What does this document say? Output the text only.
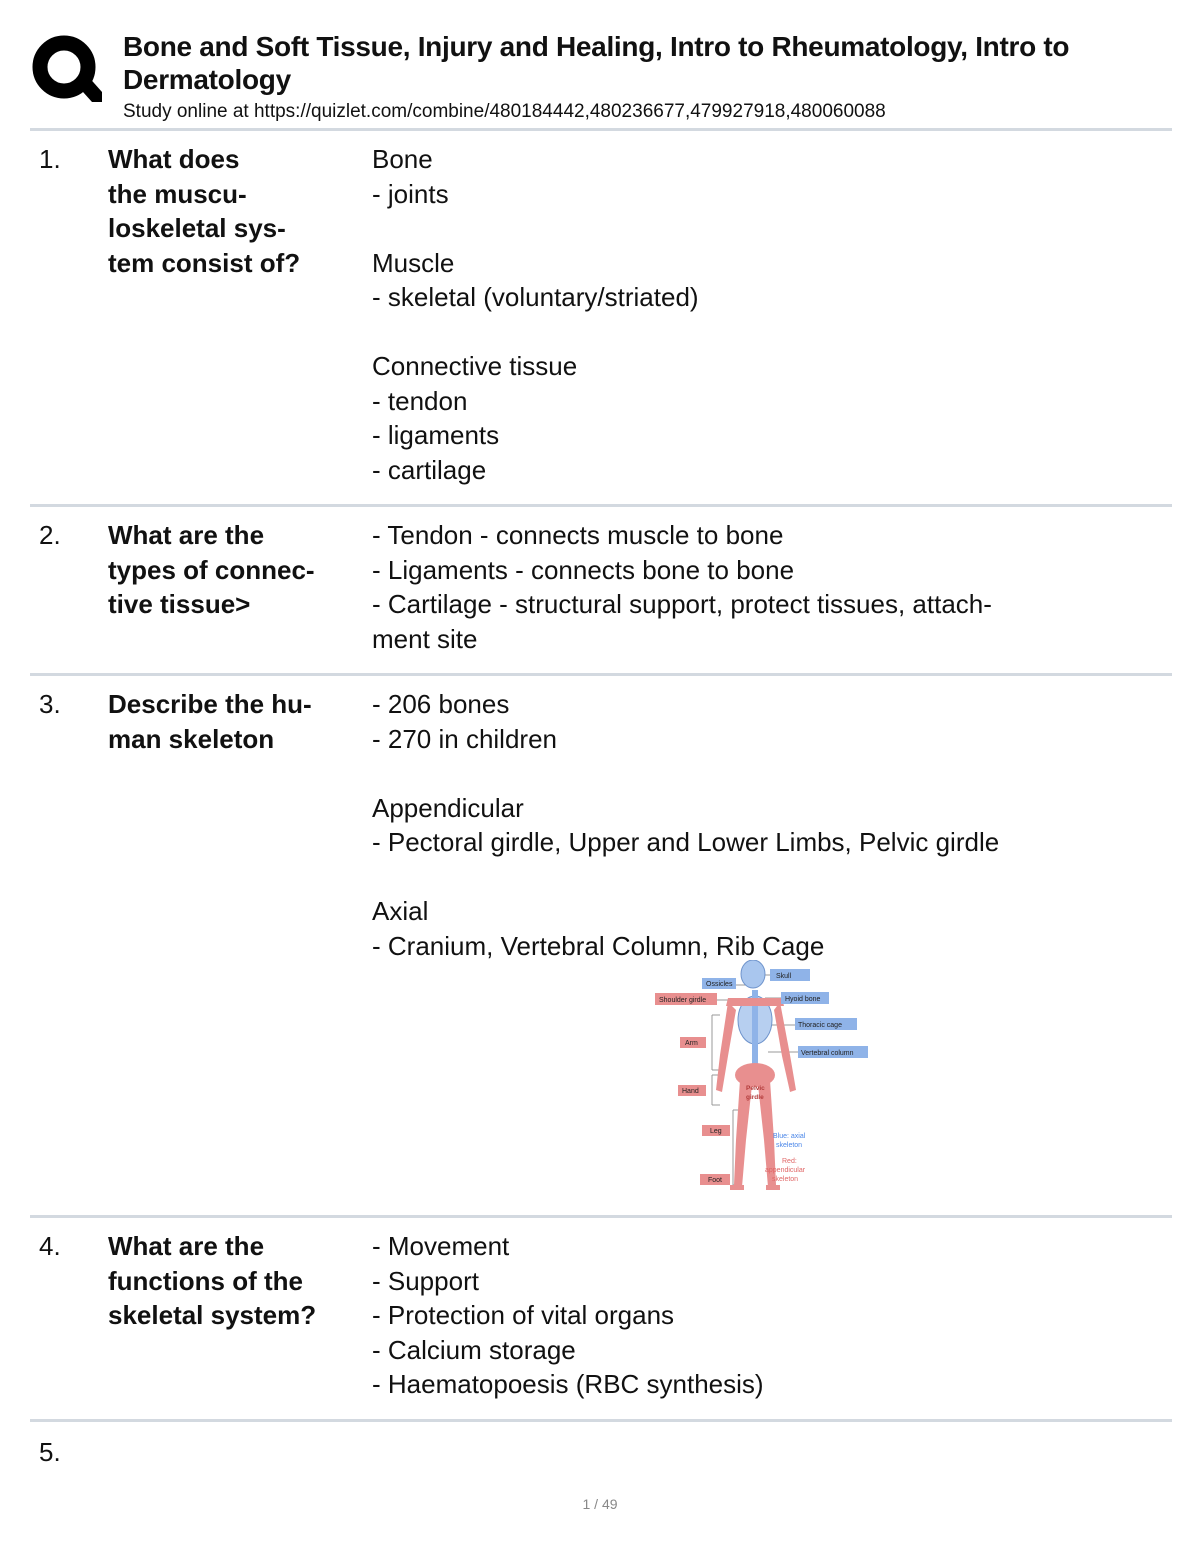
Bone and Soft Tissue, Injury and Healing, Intro to Rheumatology, Intro to Dermatology

Study online at https://quizlet.com/combine/480184442,480236677,479927918,480060088

1. What does
the muscu-
loskeletal sys-
tem consist of?
Bone
- joints
Muscle
- skeletal (voluntary/striated)
Connective tissue
- tendon
- ligaments
- cartilage
2. What are the
types of connec-
tive tissue>
- Tendon - connects muscle to bone
- Ligaments - connects bone to bone
- Cartilage - structural support, protect tissues, attach-
ment site
3. Describe the hu-
man skeleton
- 206 bones
- 270 in children
Appendicular
- Pectoral girdle, Upper and Lower Limbs, Pelvic girdle
Axial
- Cranium, Vertebral Column, Rib Cage
Ossicles
Shoulder girdle
Arm
Hand
Leg
Foot
Skull
Hyoid bone
Thoracic cage
Vertebral column
Pelvic
girdle
Blue: axial
skeleton
Red:
appendicular
skeleton
4. What are the
functions of the
skeletal system?
- Movement
- Support
- Protection of vital organs
- Calcium storage
- Haematopoesis (RBC synthesis)
5.
1 / 49
